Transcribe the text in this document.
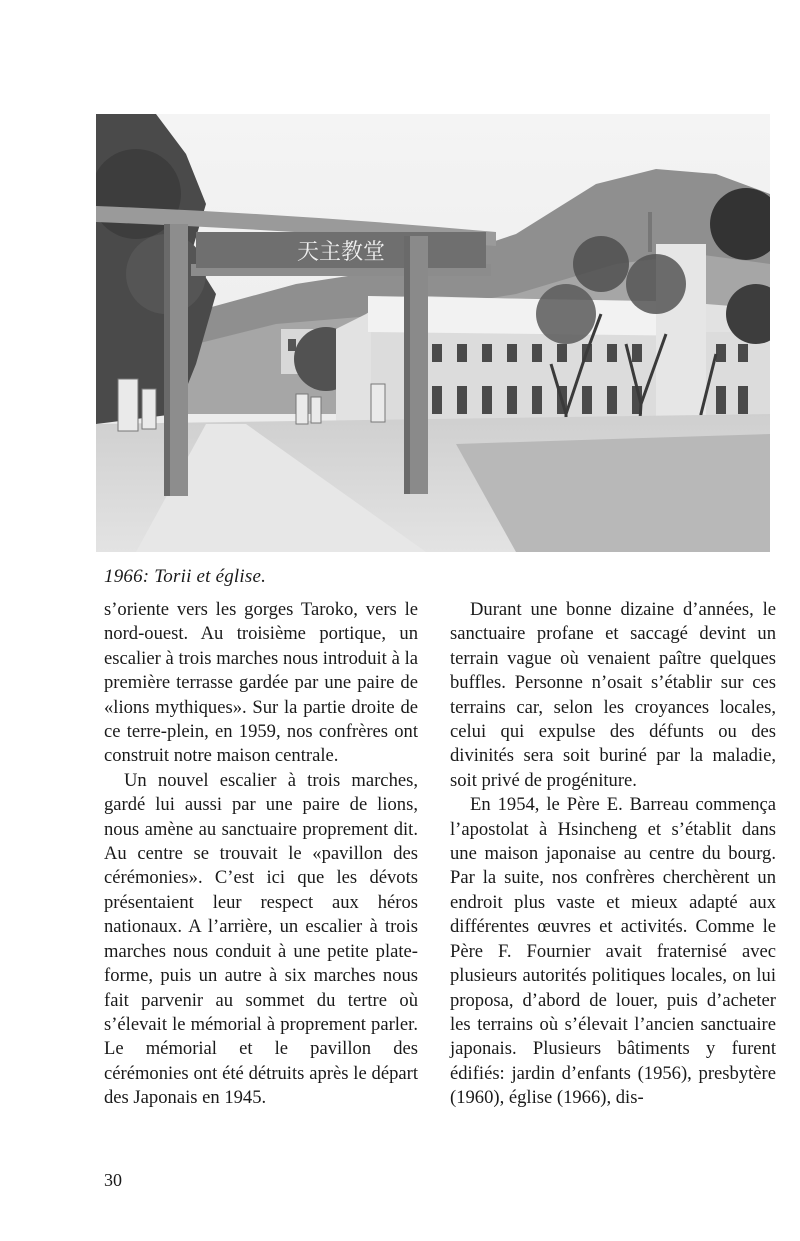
天主教堂
1966: Torii et église.

s’oriente vers les gorges Taroko, vers le nord-ouest. Au troisième portique, un escalier à trois marches nous introduit à la première terrasse gardée par une paire de «lions mythiques». Sur la partie droite de ce terre-plein, en 1959, nos confrères ont construit notre maison centrale.

Un nouvel escalier à trois marches, gardé lui aussi par une paire de lions, nous amène au sanctuaire proprement dit. Au centre se trouvait le «pavillon des cérémonies». C’est ici que les dévots présentaient leur respect aux héros nationaux. A l’arrière, un escalier à trois marches nous conduit à une petite plate-forme, puis un autre à six marches nous fait parvenir au sommet du tertre où s’élevait le mémorial à proprement parler. Le mémorial et le pavillon des cérémonies ont été détruits après le départ des Japonais en 1945.

Durant une bonne dizaine d’années, le sanctuaire profane et saccagé devint un terrain vague où venaient paître quelques buffles. Personne n’osait s’établir sur ces terrains car, selon les croyances locales, celui qui expulse des défunts ou des divinités sera soit buriné par la maladie, soit privé de progéniture.

En 1954, le Père E. Barreau commença l’apostolat à Hsincheng et s’établit dans une maison japonaise au centre du bourg. Par la suite, nos confrères cherchèrent un endroit plus vaste et mieux adapté aux différentes œuvres et activités. Comme le Père F. Fournier avait fraternisé avec plusieurs autorités politiques locales, on lui proposa, d’abord de louer, puis d’acheter les terrains où s’élevait l’ancien sanctuaire japonais. Plusieurs bâtiments y furent édifiés: jardin d’enfants (1956), presbytère (1960), église (1966), dis-

30
